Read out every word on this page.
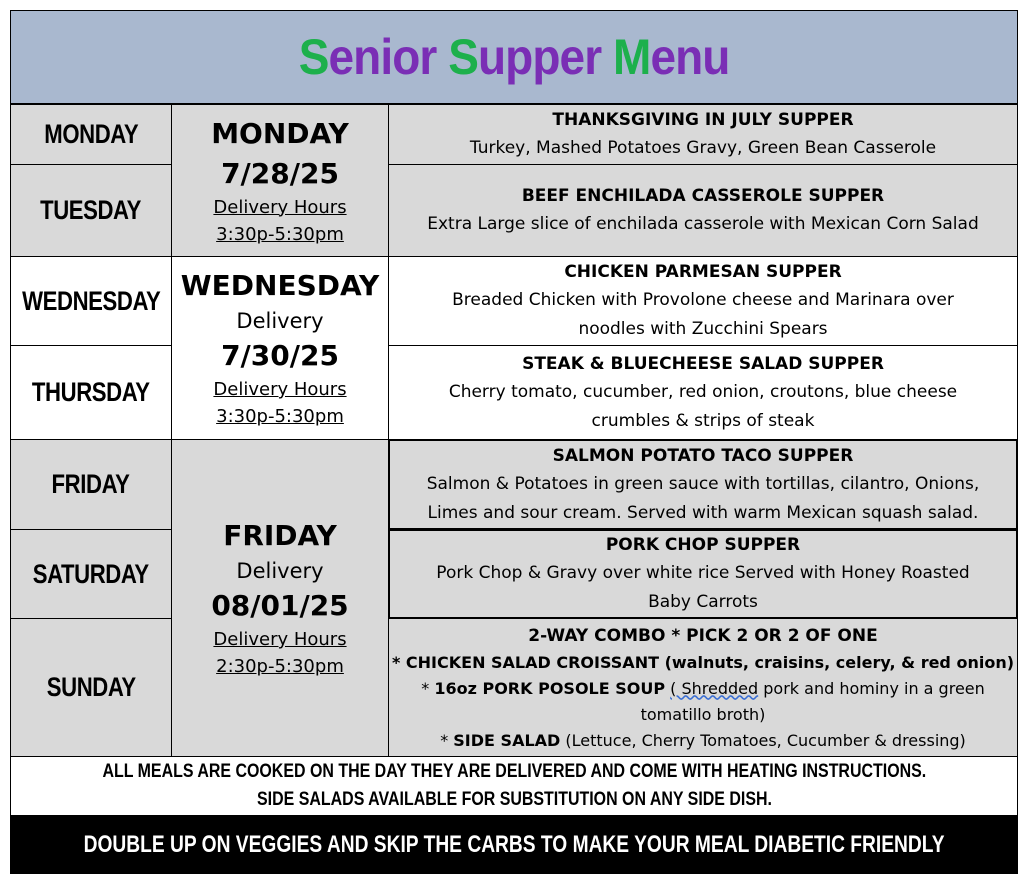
Senior Supper Menu
MONDAY
TUESDAY
WEDNESDAY
THURSDAY
FRIDAY
SATURDAY
SUNDAY
MONDAY
7/28/25
Delivery Hours
3:30p-5:30pm
WEDNESDAY
Delivery
7/30/25
Delivery Hours
3:30p-5:30pm
FRIDAY
Delivery
08/01/25
Delivery Hours
2:30p-5:30pm
THANKSGIVING IN JULY SUPPER
Turkey, Mashed Potatoes Gravy, Green Bean Casserole
BEEF ENCHILADA CASSEROLE SUPPER
Extra Large slice of enchilada casserole with Mexican Corn Salad
CHICKEN PARMESAN SUPPER
Breaded Chicken with Provolone cheese and Marinara over
noodles with Zucchini Spears
STEAK & BLUECHEESE SALAD SUPPER
Cherry tomato, cucumber, red onion, croutons, blue cheese
crumbles & strips of steak
SALMON POTATO TACO SUPPER
Salmon & Potatoes in green sauce with tortillas, cilantro, Onions,
Limes and sour cream. Served with warm Mexican squash salad.
PORK CHOP SUPPER
Pork Chop & Gravy over white rice Served with Honey Roasted
Baby Carrots
2-WAY COMBO * PICK 2 OR 2 OF ONE
* CHICKEN SALAD CROISSANT (walnuts, craisins, celery, & red onion)
* 16oz PORK POSOLE SOUP ( Shredded pork and hominy in a green
tomatillo broth)
* SIDE SALAD (Lettuce, Cherry Tomatoes, Cucumber & dressing)
ALL MEALS ARE COOKED ON THE DAY THEY ARE DELIVERED AND COME WITH HEATING INSTRUCTIONS.
SIDE SALADS AVAILABLE FOR SUBSTITUTION ON ANY SIDE DISH.
DOUBLE UP ON VEGGIES AND SKIP THE CARBS TO MAKE YOUR MEAL DIABETIC FRIENDLY
